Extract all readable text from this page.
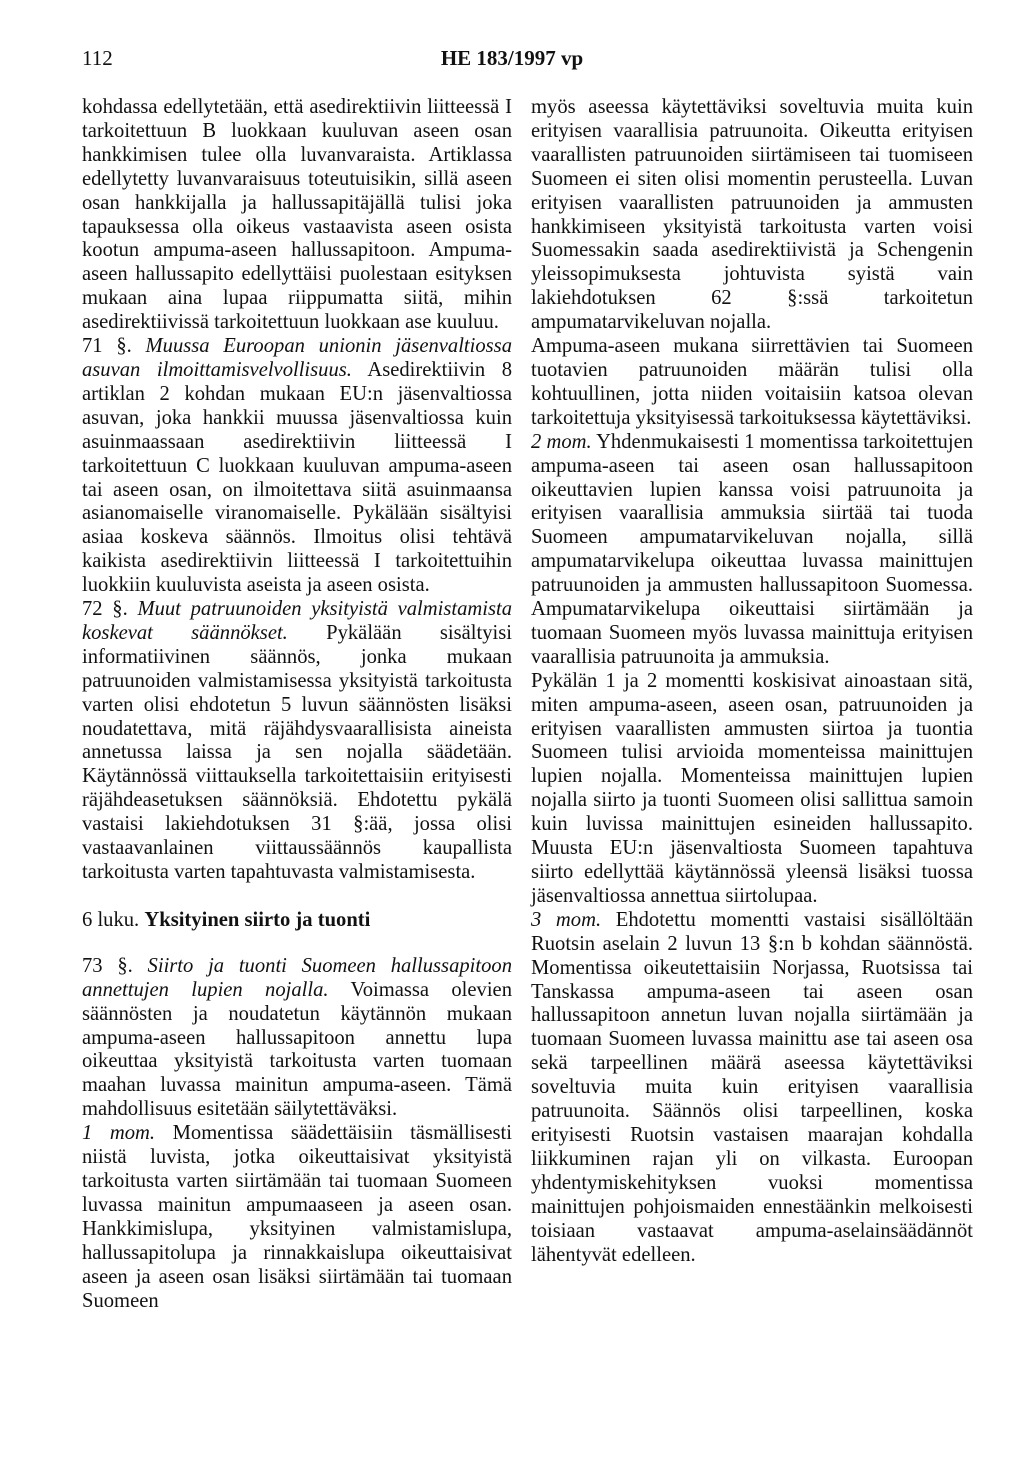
112	HE 183/1997 vp

kohdassa edellytetään, että asedirektiivin liitteessä I tarkoitettuun B luokkaan kuuluvan aseen osan hankkimisen tulee olla luvanvaraista. Artiklassa edellytetty luvanvaraisuus toteutuisikin, sillä aseen osan hankkijalla ja hallussapitäjällä tulisi joka tapauksessa olla oikeus vastaavista aseen osista kootun ampuma-aseen hallussapitoon. Ampuma-aseen hallussapito edellyttäisi puolestaan esityksen mukaan aina lupaa riippumatta siitä, mihin asedirektiivissä tarkoitettuun luokkaan ase kuuluu.

71 §. Muussa Euroopan unionin jäsenvaltiossa asuvan ilmoittamisvelvollisuus. Asedirektiivin 8 artiklan 2 kohdan mukaan EU:n jäsenvaltiossa asuvan, joka hankkii muussa jäsenvaltiossa kuin asuinmaassaan asedirektiivin liitteessä I tarkoitettuun C luokkaan kuuluvan ampuma-aseen tai aseen osan, on ilmoitettava siitä asuinmaansa asianomaiselle viranomaiselle. Pykälään sisältyisi asiaa koskeva säännös. Ilmoitus olisi tehtävä kaikista asedirektiivin liitteessä I tarkoitettuihin luokkiin kuuluvista aseista ja aseen osista.

72 §. Muut patruunoiden yksityistä valmistamista koskevat säännökset. Pykälään sisältyisi informatiivinen säännös, jonka mukaan patruunoiden valmistamisessa yksityistä tarkoitusta varten olisi ehdotetun 5 luvun säännösten lisäksi noudatettava, mitä räjähdysvaarallisista aineista annetussa laissa ja sen nojalla säädetään. Käytännössä viittauksella tarkoitettaisiin erityisesti räjähdeasetuksen säännöksiä. Ehdotettu pykälä vastaisi lakiehdotuksen 31 §:ää, jossa olisi vastaavanlainen viittaussäännös kaupallista tarkoitusta varten tapahtuvasta valmistamisesta.

6 luku. Yksityinen siirto ja tuonti

73 §. Siirto ja tuonti Suomeen hallussapitoon annettujen lupien nojalla. Voimassa olevien säännösten ja noudatetun käytännön mukaan ampuma-aseen hallussapitoon annettu lupa oikeuttaa yksityistä tarkoitusta varten tuomaan maahan luvassa mainitun ampuma-aseen. Tämä mahdollisuus esitetään säilytettäväksi.

1 mom. Momentissa säädettäisiin täsmällisesti niistä luvista, jotka oikeuttaisivat yksityistä tarkoitusta varten siirtämään tai tuomaan Suomeen luvassa mainitun ampumaaseen ja aseen osan. Hankkimislupa, yksityinen valmistamislupa, hallussapitolupa ja rinnakkaislupa oikeuttaisivat aseen ja aseen osan lisäksi siirtämään tai tuomaan Suomeen

myös aseessa käytettäviksi soveltuvia muita kuin erityisen vaarallisia patruunoita. Oikeutta erityisen vaarallisten patruunoiden siirtämiseen tai tuomiseen Suomeen ei siten olisi momentin perusteella. Luvan erityisen vaarallisten patruunoiden ja ammusten hankkimiseen yksityistä tarkoitusta varten voisi Suomessakin saada asedirektiivistä ja Schengenin yleissopimuksesta johtuvista syistä vain lakiehdotuksen 62 §:ssä tarkoitetun ampumatarvikeluvan nojalla.

Ampuma-aseen mukana siirrettävien tai Suomeen tuotavien patruunoiden määrän tulisi olla kohtuullinen, jotta niiden voitaisiin katsoa olevan tarkoitettuja yksityisessä tarkoituksessa käytettäviksi.

2 mom. Yhdenmukaisesti 1 momentissa tarkoitettujen ampuma-aseen tai aseen osan hallussapitoon oikeuttavien lupien kanssa voisi patruunoita ja erityisen vaarallisia ammuksia siirtää tai tuoda Suomeen ampumatarvikeluvan nojalla, sillä ampumatarvikelupa oikeuttaa luvassa mainittujen patruunoiden ja ammusten hallussapitoon Suomessa. Ampumatarvikelupa oikeuttaisi siirtämään ja tuomaan Suomeen myös luvassa mainittuja erityisen vaarallisia patruunoita ja ammuksia.

Pykälän 1 ja 2 momentti koskisivat ainoastaan sitä, miten ampuma-aseen, aseen osan, patruunoiden ja erityisen vaarallisten ammusten siirtoa ja tuontia Suomeen tulisi arvioida momenteissa mainittujen lupien nojalla. Momenteissa mainittujen lupien nojalla siirto ja tuonti Suomeen olisi sallittua samoin kuin luvissa mainittujen esineiden hallussapito. Muusta EU:n jäsenvaltiosta Suomeen tapahtuva siirto edellyttää käytännössä yleensä lisäksi tuossa jäsenvaltiossa annettua siirtolupaa.

3 mom. Ehdotettu momentti vastaisi sisällöltään Ruotsin aselain 2 luvun 13 §:n b kohdan säännöstä. Momentissa oikeutettaisiin Norjassa, Ruotsissa tai Tanskassa ampuma-aseen tai aseen osan hallussapitoon annetun luvan nojalla siirtämään ja tuomaan Suomeen luvassa mainittu ase tai aseen osa sekä tarpeellinen määrä aseessa käytettäviksi soveltuvia muita kuin erityisen vaarallisia patruunoita. Säännös olisi tarpeellinen, koska erityisesti Ruotsin vastaisen maarajan kohdalla liikkuminen rajan yli on vilkasta. Euroopan yhdentymiskehityksen vuoksi momentissa mainittujen pohjoismaiden ennestäänkin melkoisesti toisiaan vastaavat ampuma-aselainsäädännöt lähentyvät edelleen.
